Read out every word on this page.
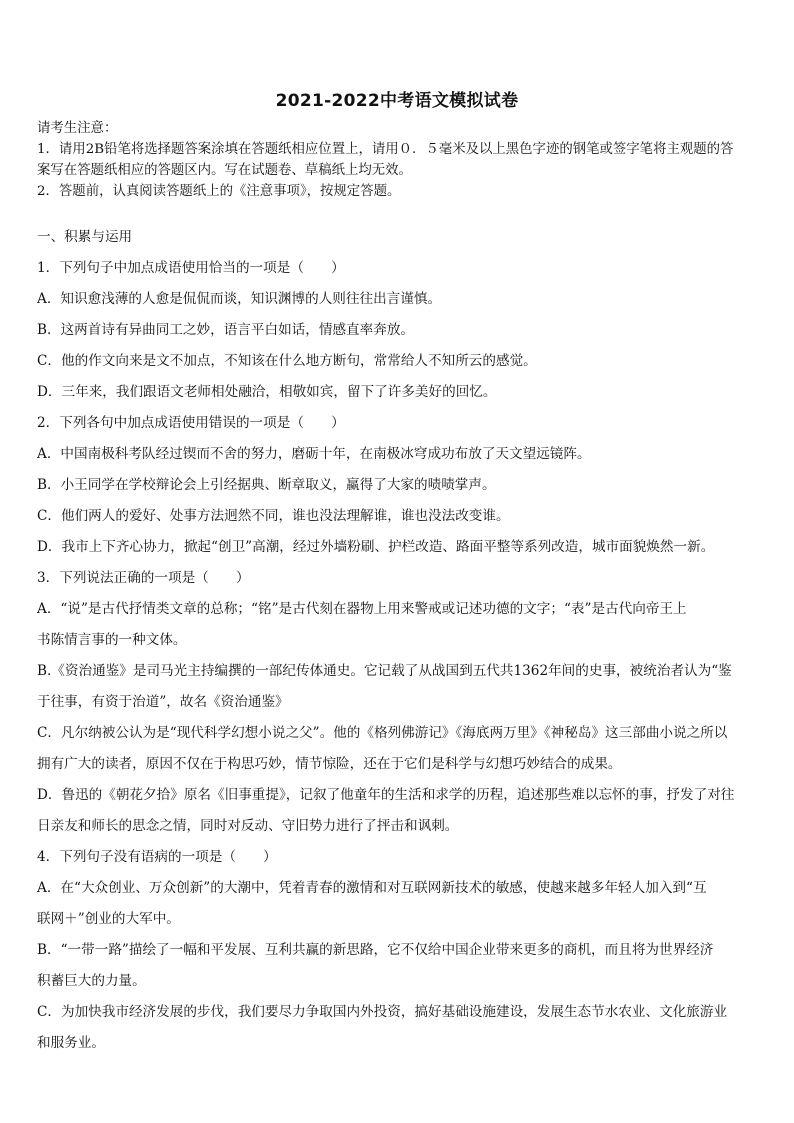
2021-2022中考语文模拟试卷
请考生注意：
1．请用2B铅笔将选择题答案涂填在答题纸相应位置上，请用０．５毫米及以上黑色字迹的钢笔或签字笔将主观题的答
案写在答题纸相应的答题区内。写在试题卷、草稿纸上均无效。
2．答题前，认真阅读答题纸上的《注意事项》，按规定答题。
一、积累与运用
1．下列句子中加点成语使用恰当的一项是（　　）
A．知识愈浅薄的人愈是侃侃而谈，知识渊博的人则往往出言谨慎。
B．这两首诗有异曲同工之妙，语言平白如话，情感直率奔放。
C．他的作文向来是文不加点，不知该在什么地方断句，常常给人不知所云的感觉。
D．三年来，我们跟语文老师相处融洽，相敬如宾，留下了许多美好的回忆。
2．下列各句中加点成语使用错误的一项是（　　）
A．中国南极科考队经过锲而不舍的努力，磨砺十年，在南极冰穹成功布放了天文望远镜阵。
B．小王同学在学校辩论会上引经据典、断章取义，赢得了大家的啧啧掌声。
C．他们两人的爱好、处事方法迥然不同，谁也没法理解谁，谁也没法改变谁。
D．我市上下齐心协力，掀起“创卫”高潮，经过外墙粉刷、护栏改造、路面平整等系列改造，城市面貌焕然一新。
3．下列说法正确的一项是（　　）
A．“说”是古代抒情类文章的总称；“铭”是古代刻在器物上用来警戒或记述功德的文字；“表”是古代向帝王上
书陈情言事的一种文体。
B.《资治通鉴》是司马光主持编撰的一部纪传体通史。它记载了从战国到五代共1362年间的史事，被统治者认为“鉴
于往事，有资于治道”，故名《资治通鉴》
C．凡尔纳被公认为是“现代科学幻想小说之父”。他的《格列佛游记》《海底两万里》《神秘岛》这三部曲小说之所以
拥有广大的读者，原因不仅在于构思巧妙，情节惊险，还在于它们是科学与幻想巧妙结合的成果。
D．鲁迅的《朝花夕拾》原名《旧事重提》，记叙了他童年的生活和求学的历程，追述那些难以忘怀的事，抒发了对往
日亲友和师长的思念之情，同时对反动、守旧势力进行了抨击和讽刺。
4．下列句子没有语病的一项是（　　）
A．在“大众创业、万众创新”的大潮中，凭着青春的激情和对互联网新技术的敏感，使越来越多年轻人加入到“互
联网＋”创业的大军中。
B．“一带一路”描绘了一幅和平发展、互利共赢的新思路，它不仅给中国企业带来更多的商机，而且将为世界经济
积蓄巨大的力量。
C．为加快我市经济发展的步伐，我们要尽力争取国内外投资，搞好基础设施建设，发展生态节水农业、文化旅游业
和服务业。
